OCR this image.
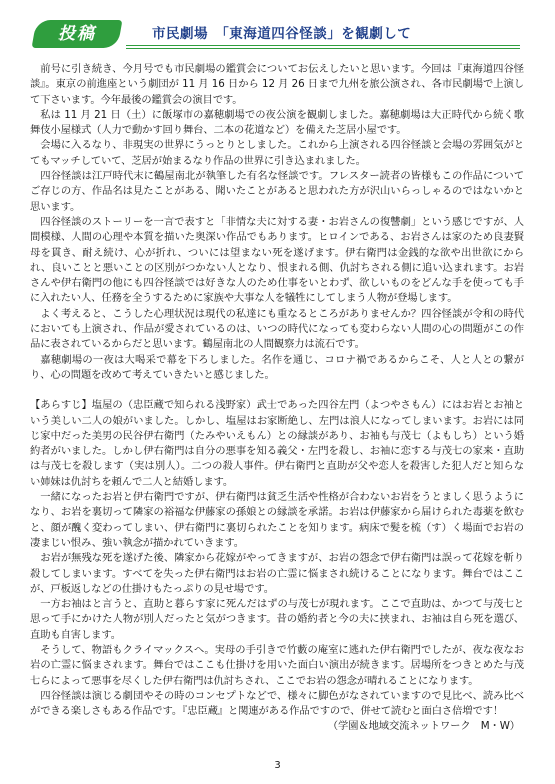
投稿	市民劇場　「東海道四谷怪談」を観劇して

前号に引き続き、今月号でも市民劇場の鑑賞会についてお伝えしたいと思います。今回は『東海道四谷怪談』。東京の前進座という劇団が 11 月 16 日から 12 月 26 日まで九州を旅公演され、各市民劇場で上演して下さいます。今年最後の鑑賞会の演目です。

私は 11 月 21 日（土）に飯塚市の嘉穂劇場での夜公演を観劇しました。嘉穂劇場は大正時代から続く歌舞伎小屋様式（人力で動かす回り舞台、二本の花道など）を備えた芝居小屋です。

会場に入るなり、非現実の世界にうっとりとしました。これから上演される四谷怪談と会場の雰囲気がとてもマッチしていて、芝居が始まるなり作品の世界に引き込まれました。

四谷怪談は江戸時代末に鶴屋南北が執筆した有名な怪談です。フレスター読者の皆様もこの作品についてご存じの方、作品名は見たことがある、聞いたことがあると思われた方が沢山いらっしゃるのではないかと思います。

四谷怪談のストーリーを一言で表すと「非情な夫に対する妻・お岩さんの復讐劇」という感じですが、人間模様、人間の心理や本質を描いた奥深い作品でもあります。ヒロインである、お岩さんは家のため良妻賢母を貫き、耐え続け、心が折れ、ついには望まない死を遂げます。伊右衛門は金銭的な欲や出世欲にかられ、良いことと悪いことの区別がつかない人となり、恨まれる側、仇討ちされる側に追い込まれます。お岩さんや伊右衛門の他にも四谷怪談では好きな人のため仕事をいとわず、欲しいものをどんな手を使っても手に入れたい人、任務を全うするために家族や大事な人を犠牲にしてしまう人物が登場します。

よく考えると、こうした心理状況は現代の私達にも重なるところがありませんか？四谷怪談が令和の時代においても上演され、作品が愛されているのは、いつの時代になっても変わらない人間の心の問題がこの作品に表されているからだと思います。鶴屋南北の人間観察力は流石です。

嘉穂劇場の一夜は大喝采で幕を下ろしました。名作を通じ、コロナ禍であるからこそ、人と人との繋がり、心の問題を改めて考えていきたいと感じました。

【あらすじ】塩屋の（忠臣蔵で知られる浅野家）武士であった四谷左門（よつやさもん）にはお岩とお袖という美しい二人の娘がいました。しかし、塩屋はお家断絶し、左門は浪人になってしまいます。お岩には同じ家中だった美男の民谷伊右衛門（たみやいえもん）との縁談があり、お袖も与茂七（よもしち）という婚約者がいました。しかし伊右衛門は自分の悪事を知る義父・左門を殺し、お袖に恋する与茂七の家来・直助は与茂七を殺します（実は別人）。二つの殺人事件。伊右衛門と直助が父や恋人を殺害した犯人だと知らない姉妹は仇討ちを頼んで二人と結婚します。

一緒になったお岩と伊右衛門ですが、伊右衛門は貧乏生活や性格が合わないお岩をうとましく思うようになり、お岩を裏切って隣家の裕福な伊藤家の孫娘との縁談を承諾。お岩は伊藤家から届けられた毒薬を飲むと、顔が醜く変わってしまい、伊右衛門に裏切られたことを知ります。病床で髪を梳（す）く場面でお岩の凄まじい恨み、強い執念が描かれていきます。

お岩が無残な死を遂げた後、隣家から花嫁がやってきますが、お岩の怨念で伊右衛門は誤って花嫁を斬り殺してしまいます。すべてを失った伊右衛門はお岩の亡霊に悩まされ続けることになります。舞台ではここが、戸板返しなどの仕掛けもたっぷりの見せ場です。

一方お袖はと言うと、直助と暮らす家に死んだはずの与茂七が現れます。ここで直助は、かつて与茂七と思って手にかけた人物が別人だったと気がつきます。昔の婚約者と今の夫に挟まれ、お袖は自ら死を選び、直助も自害します。

そうして、物語もクライマックスへ。実母の手引きで竹藪の庵室に逃れた伊右衛門でしたが、夜な夜なお岩の亡霊に悩まされます。舞台ではここも仕掛けを用いた面白い演出が続きます。居場所をつきとめた与茂七らによって悪事を尽くした伊右衛門は仇討ちされ、ここでお岩の怨念が晴れることになります。

四谷怪談は演じる劇団やその時のコンセプトなどで、様々に脚色がなされていますので見比べ、読み比べができる楽しさもある作品です。『忠臣蔵』と関連がある作品ですので、併せて読むと面白さ倍増です！
（学園＆地域交流ネットワーク　M・W）

3
